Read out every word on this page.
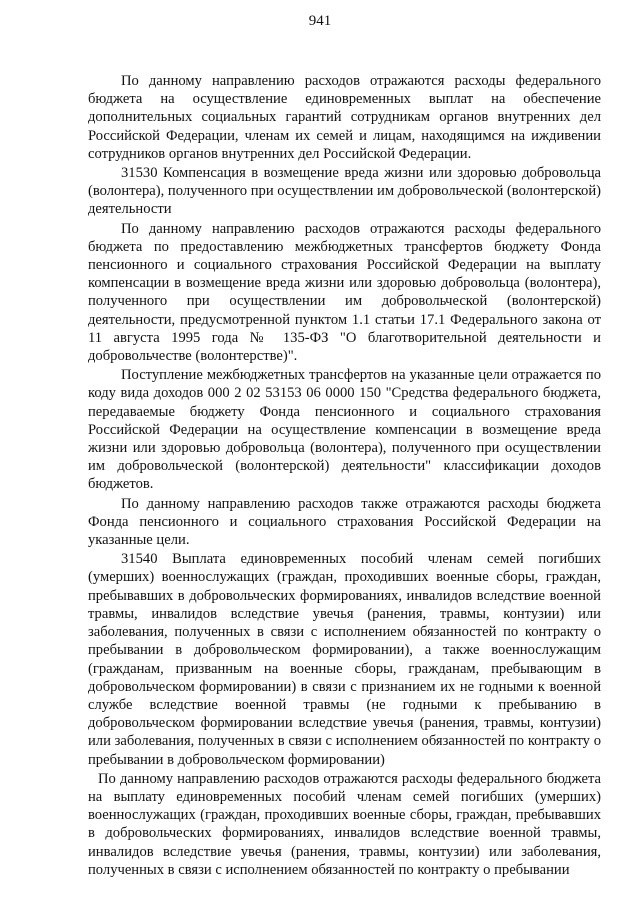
941

По данному направлению расходов отражаются расходы федерального бюджета на осуществление единовременных выплат на обеспечение дополнительных социальных гарантий сотрудникам органов внутренних дел Российской Федерации, членам их семей и лицам, находящимся на иждивении сотрудников органов внутренних дел Российской Федерации.

31530 Компенсация в возмещение вреда жизни или здоровью добровольца (волонтера), полученного при осуществлении им добровольческой (волонтерской) деятельности

По данному направлению расходов отражаются расходы федерального бюджета по предоставлению межбюджетных трансфертов бюджету Фонда пенсионного и социального страхования Российской Федерации на выплату компенсации в возмещение вреда жизни или здоровью добровольца (волонтера), полученного при осуществлении им добровольческой (волонтерской) деятельности, предусмотренной пунктом 1.1 статьи 17.1 Федерального закона от 11 августа 1995 года № 135-ФЗ "О благотворительной деятельности и добровольчестве (волонтерстве)".

Поступление межбюджетных трансфертов на указанные цели отражается по коду вида доходов 000 2 02 53153 06 0000 150 "Средства федерального бюджета, передаваемые бюджету Фонда пенсионного и социального страхования Российской Федерации на осуществление компенсации в возмещение вреда жизни или здоровью добровольца (волонтера), полученного при осуществлении им добровольческой (волонтерской) деятельности" классификации доходов бюджетов.

По данному направлению расходов также отражаются расходы бюджета Фонда пенсионного и социального страхования Российской Федерации на указанные цели.

31540 Выплата единовременных пособий членам семей погибших (умерших) военнослужащих (граждан, проходивших военные сборы, граждан, пребывавших в добровольческих формированиях, инвалидов вследствие военной травмы, инвалидов вследствие увечья (ранения, травмы, контузии) или заболевания, полученных в связи с исполнением обязанностей по контракту о пребывании в добровольческом формировании), а также военнослужащим (гражданам, призванным на военные сборы, гражданам, пребывающим в добровольческом формировании) в связи с признанием их не годными к военной службе вследствие военной травмы (не годными к пребыванию в добровольческом формировании вследствие увечья (ранения, травмы, контузии) или заболевания, полученных в связи с исполнением обязанностей по контракту о пребывании в добровольческом формировании)

По данному направлению расходов отражаются расходы федерального бюджета на выплату единовременных пособий членам семей погибших (умерших) военнослужащих (граждан, проходивших военные сборы, граждан, пребывавших в добровольческих формированиях, инвалидов вследствие военной травмы, инвалидов вследствие увечья (ранения, травмы, контузии) или заболевания, полученных в связи с исполнением обязанностей по контракту о пребывании
